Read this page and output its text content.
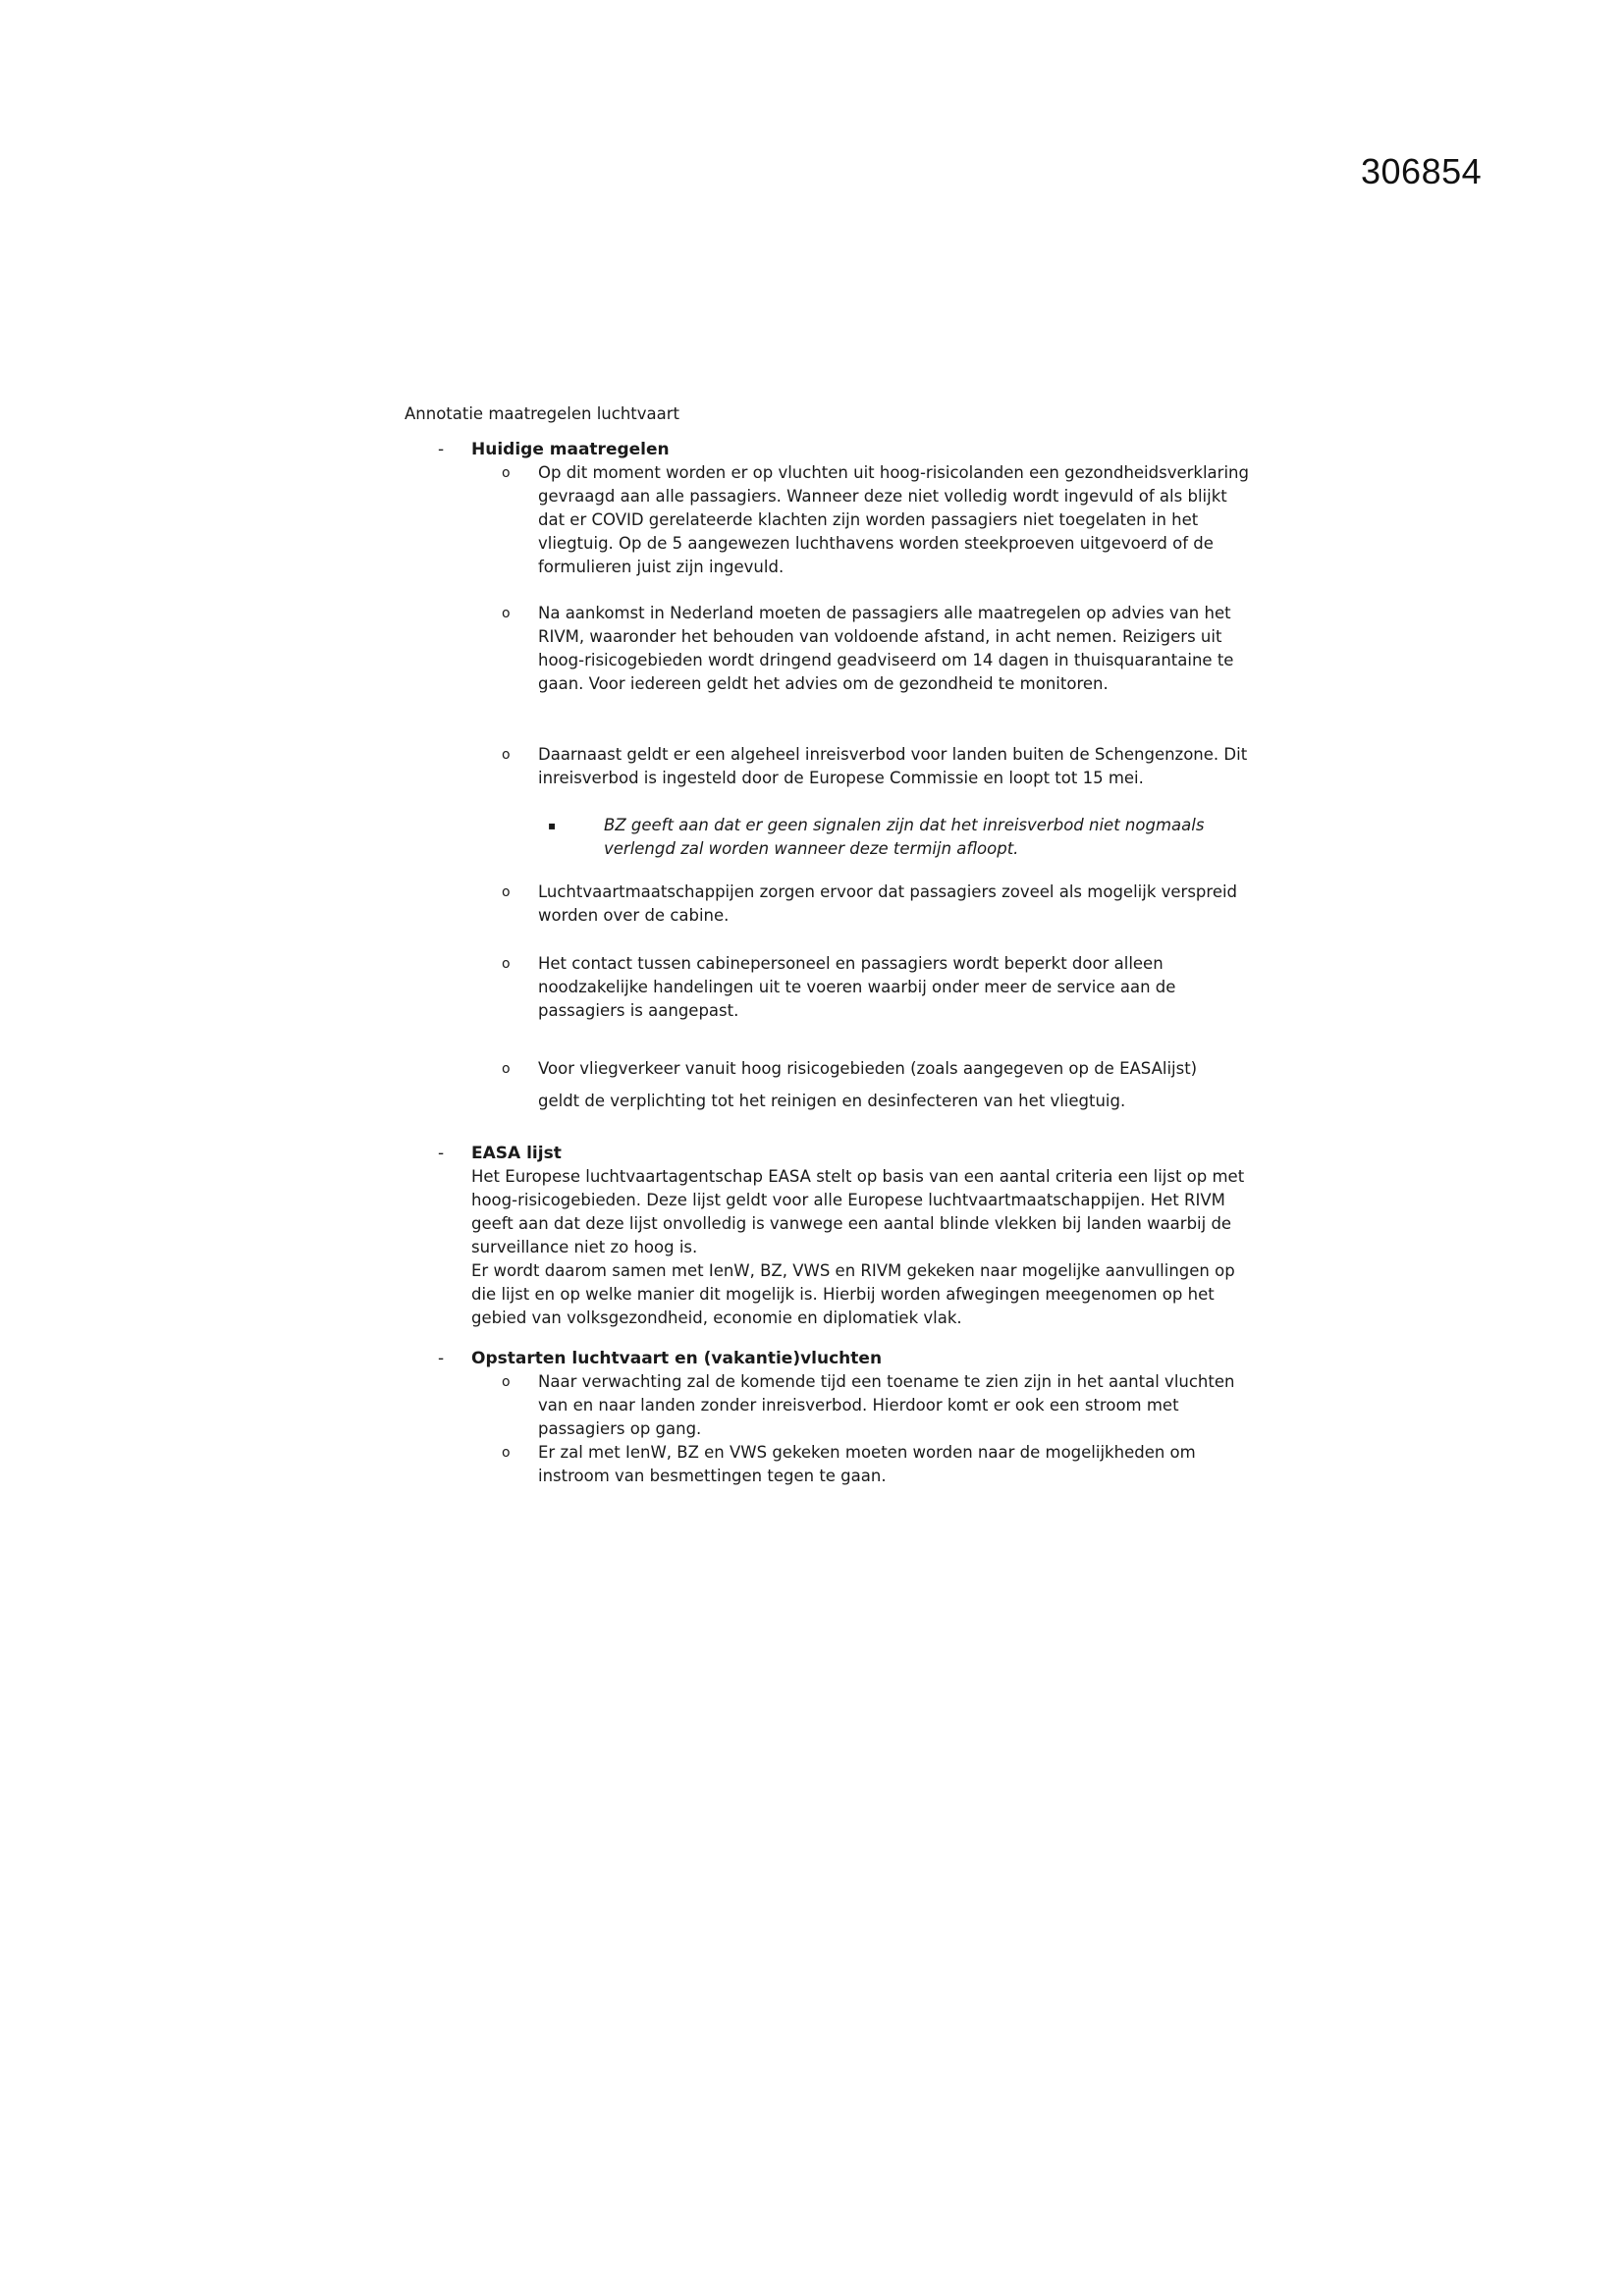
306854
Annotatie maatregelen luchtvaart
- Huidige maatregelen
o Op dit moment worden er op vluchten uit hoog-risicolanden een gezondheidsverklaring gevraagd aan alle passagiers. Wanneer deze niet volledig wordt ingevuld of als blijkt dat er COVID gerelateerde klachten zijn worden passagiers niet toegelaten in het vliegtuig. Op de 5 aangewezen luchthavens worden steekproeven uitgevoerd of de formulieren juist zijn ingevuld.
o Na aankomst in Nederland moeten de passagiers alle maatregelen op advies van het RIVM, waaronder het behouden van voldoende afstand, in acht nemen. Reizigers uit hoog-risicogebieden wordt dringend geadviseerd om 14 dagen in thuisquarantaine te gaan. Voor iedereen geldt het advies om de gezondheid te monitoren.
o Daarnaast geldt er een algeheel inreisverbod voor landen buiten de Schengenzone. Dit inreisverbod is ingesteld door de Europese Commissie en loopt tot 15 mei.
▪	BZ geeft aan dat er geen signalen zijn dat het inreisverbod niet nogmaals verlengd zal worden wanneer deze termijn afloopt.
o Luchtvaartmaatschappijen zorgen ervoor dat passagiers zoveel als mogelijk verspreid worden over de cabine.
o Het contact tussen cabinepersoneel en passagiers wordt beperkt door alleen noodzakelijke handelingen uit te voeren waarbij onder meer de service aan de passagiers is aangepast.
o Voor vliegverkeer vanuit hoog risicogebieden (zoals aangegeven op de EASAlijst)
geldt de verplichting tot het reinigen en desinfecteren van het vliegtuig.
- EASA lijst
Het Europese luchtvaartagentschap EASA stelt op basis van een aantal criteria een lijst op met hoog-risicogebieden. Deze lijst geldt voor alle Europese luchtvaartmaatschappijen. Het RIVM geeft aan dat deze lijst onvolledig is vanwege een aantal blinde vlekken bij landen waarbij de surveillance niet zo hoog is.
Er wordt daarom samen met IenW, BZ, VWS en RIVM gekeken naar mogelijke aanvullingen op die lijst en op welke manier dit mogelijk is. Hierbij worden afwegingen meegenomen op het gebied van volksgezondheid, economie en diplomatiek vlak.
- Opstarten luchtvaart en (vakantie)vluchten
o Naar verwachting zal de komende tijd een toename te zien zijn in het aantal vluchten van en naar landen zonder inreisverbod. Hierdoor komt er ook een stroom met passagiers op gang.
o Er zal met IenW, BZ en VWS gekeken moeten worden naar de mogelijkheden om instroom van besmettingen tegen te gaan.
